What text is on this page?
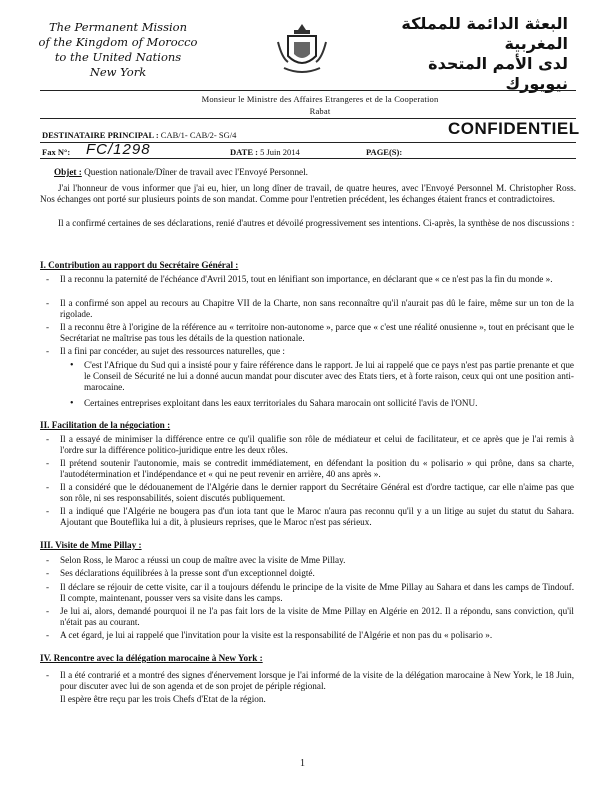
The Permanent Mission
of the Kingdom of Morocco
to the United Nations
New York
البعثة الدائمة للمملكة المغربية
لدى الأمم المتحدة
نيويورك
Monsieur le Ministre des Affaires Etrangeres et de la Cooperation
Rabat
DESTINATAIRE PRINCIPAL : CAB/1- CAB/2- SG/4	CONFIDENTIEL
Fax N°: FC/1298	DATE : 5 Juin 2014	PAGE(S):
Objet : Question nationale/Dîner de travail avec l'Envoyé Personnel.
J'ai l'honneur de vous informer que j'ai eu, hier, un long dîner de travail, de quatre heures, avec l'Envoyé Personnel M. Christopher Ross. Nos échanges ont porté sur plusieurs points de son mandat. Comme pour l'entretien précédent, les échanges étaient francs et contradictoires.
Il a confirmé certaines de ses déclarations, renié d'autres et dévoilé progressivement ses intentions. Ci-après, la synthèse de nos discussions :
I. Contribution au rapport du Secrétaire Général :
- Il a reconnu la paternité de l'échéance d'Avril 2015, tout en lénifiant son importance, en déclarant que « ce n'est pas la fin du monde ».
- Il a confirmé son appel au recours au Chapitre VII de la Charte, non sans reconnaître qu'il n'aurait pas dû le faire, même sur un ton de la rigolade.
- Il a reconnu être à l'origine de la référence au « territoire non-autonome », parce que « c'est une réalité onusienne », tout en précisant que le Secrétariat ne maîtrise pas tous les détails de la question nationale.
- Il a fini par concéder, au sujet des ressources naturelles, que :
• C'est l'Afrique du Sud qui a insisté pour y faire référence dans le rapport. Je lui ai rappelé que ce pays n'est pas partie prenante et que le Conseil de Sécurité ne lui a donné aucun mandat pour discuter avec des Etats tiers, et à forte raison, ceux qui ont une position anti-marocaine.
• Certaines entreprises exploitant dans les eaux territoriales du Sahara marocain ont sollicité l'avis de l'ONU.
II. Facilitation de la négociation :
- Il a essayé de minimiser la différence entre ce qu'il qualifie son rôle de médiateur et celui de facilitateur, et ce après que je l'ai remis à l'ordre sur la différence politico-juridique entre les deux rôles.
- Il prétend soutenir l'autonomie, mais se contredit immédiatement, en défendant la position du « polisario » qui prône, dans sa charte, l'autodétermination et l'indépendance et « qui ne peut revenir en arrière, 40 ans après ».
- Il a considéré que le dédouanement de l'Algérie dans le dernier rapport du Secrétaire Général est d'ordre tactique, car elle n'aime pas que son rôle, ni ses responsabilités, soient discutés publiquement.
- Il a indiqué que l'Algérie ne bougera pas d'un iota tant que le Maroc n'aura pas reconnu qu'il y a un litige au sujet du statut du Sahara. Ajoutant que Bouteflika lui a dit, à plusieurs reprises, que le Maroc n'est pas sérieux.
III. Visite de Mme Pillay :
- Selon Ross, le Maroc a réussi un coup de maître avec la visite de Mme Pillay.
- Ses déclarations équilibrées à la presse sont d'un exceptionnel doigté.
- Il déclare se réjouir de cette visite, car il a toujours défendu le principe de la visite de Mme Pillay au Sahara et dans les camps de Tindouf. Il compte, maintenant, pousser vers sa visite dans les camps.
- Je lui ai, alors, demandé pourquoi il ne l'a pas fait lors de la visite de Mme Pillay en Algérie en 2012. Il a répondu, sans conviction, qu'il n'était pas au courant.
- A cet égard, je lui ai rappelé que l'invitation pour la visite est la responsabilité de l'Algérie et non pas du « polisario ».
IV. Rencontre avec la délégation marocaine à New York :
- Il a été contrarié et a montré des signes d'énervement lorsque je l'ai informé de la visite de la délégation marocaine à New York, le 18 Juin, pour discuter avec lui de son agenda et de son projet de périple régional.
Il espère être reçu par les trois Chefs d'Etat de la région.
1
